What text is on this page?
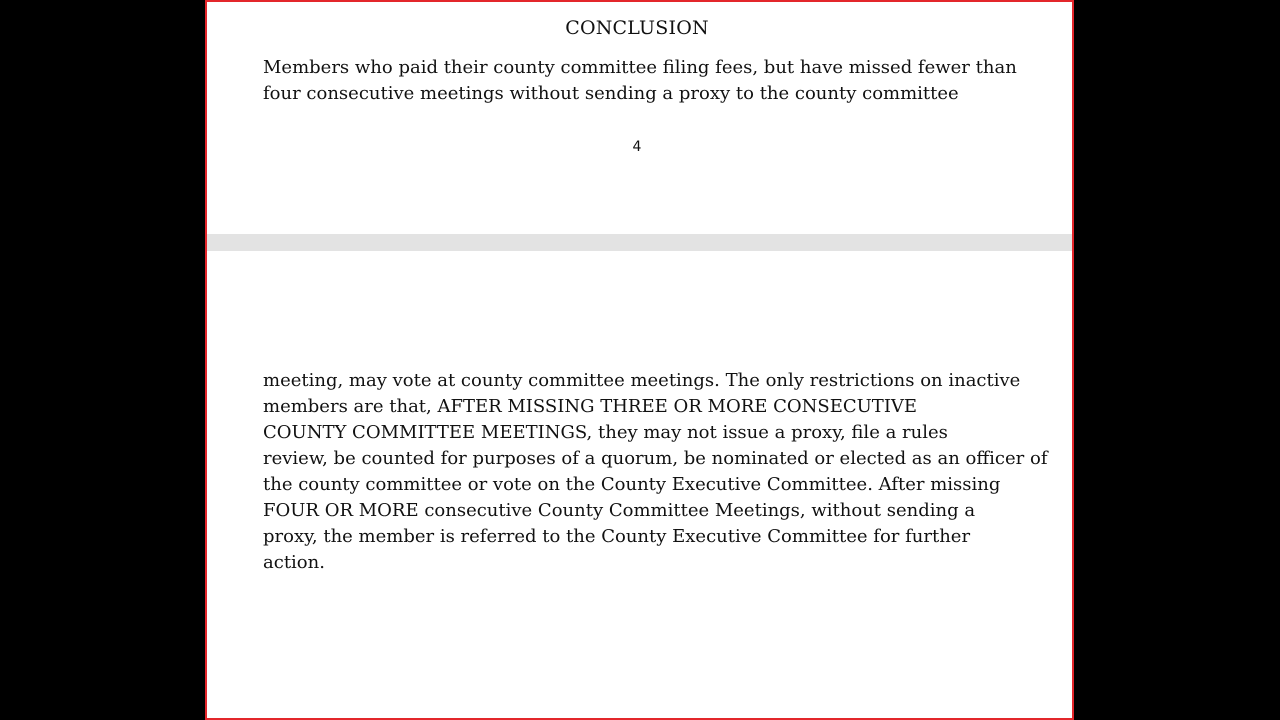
CONCLUSION
Members who paid their county committee filing fees, but have missed fewer than
four consecutive meetings without sending a proxy to the county committee
4
meeting, may vote at county committee meetings. The only restrictions on inactive
members are that, AFTER MISSING THREE OR MORE CONSECUTIVE
COUNTY COMMITTEE MEETINGS, they may not issue a proxy, file a rules
review, be counted for purposes of a quorum, be nominated or elected as an officer of
the county committee or vote on the County Executive Committee. After missing
FOUR OR MORE consecutive County Committee Meetings, without sending a
proxy, the member is referred to the County Executive Committee for further
action.
